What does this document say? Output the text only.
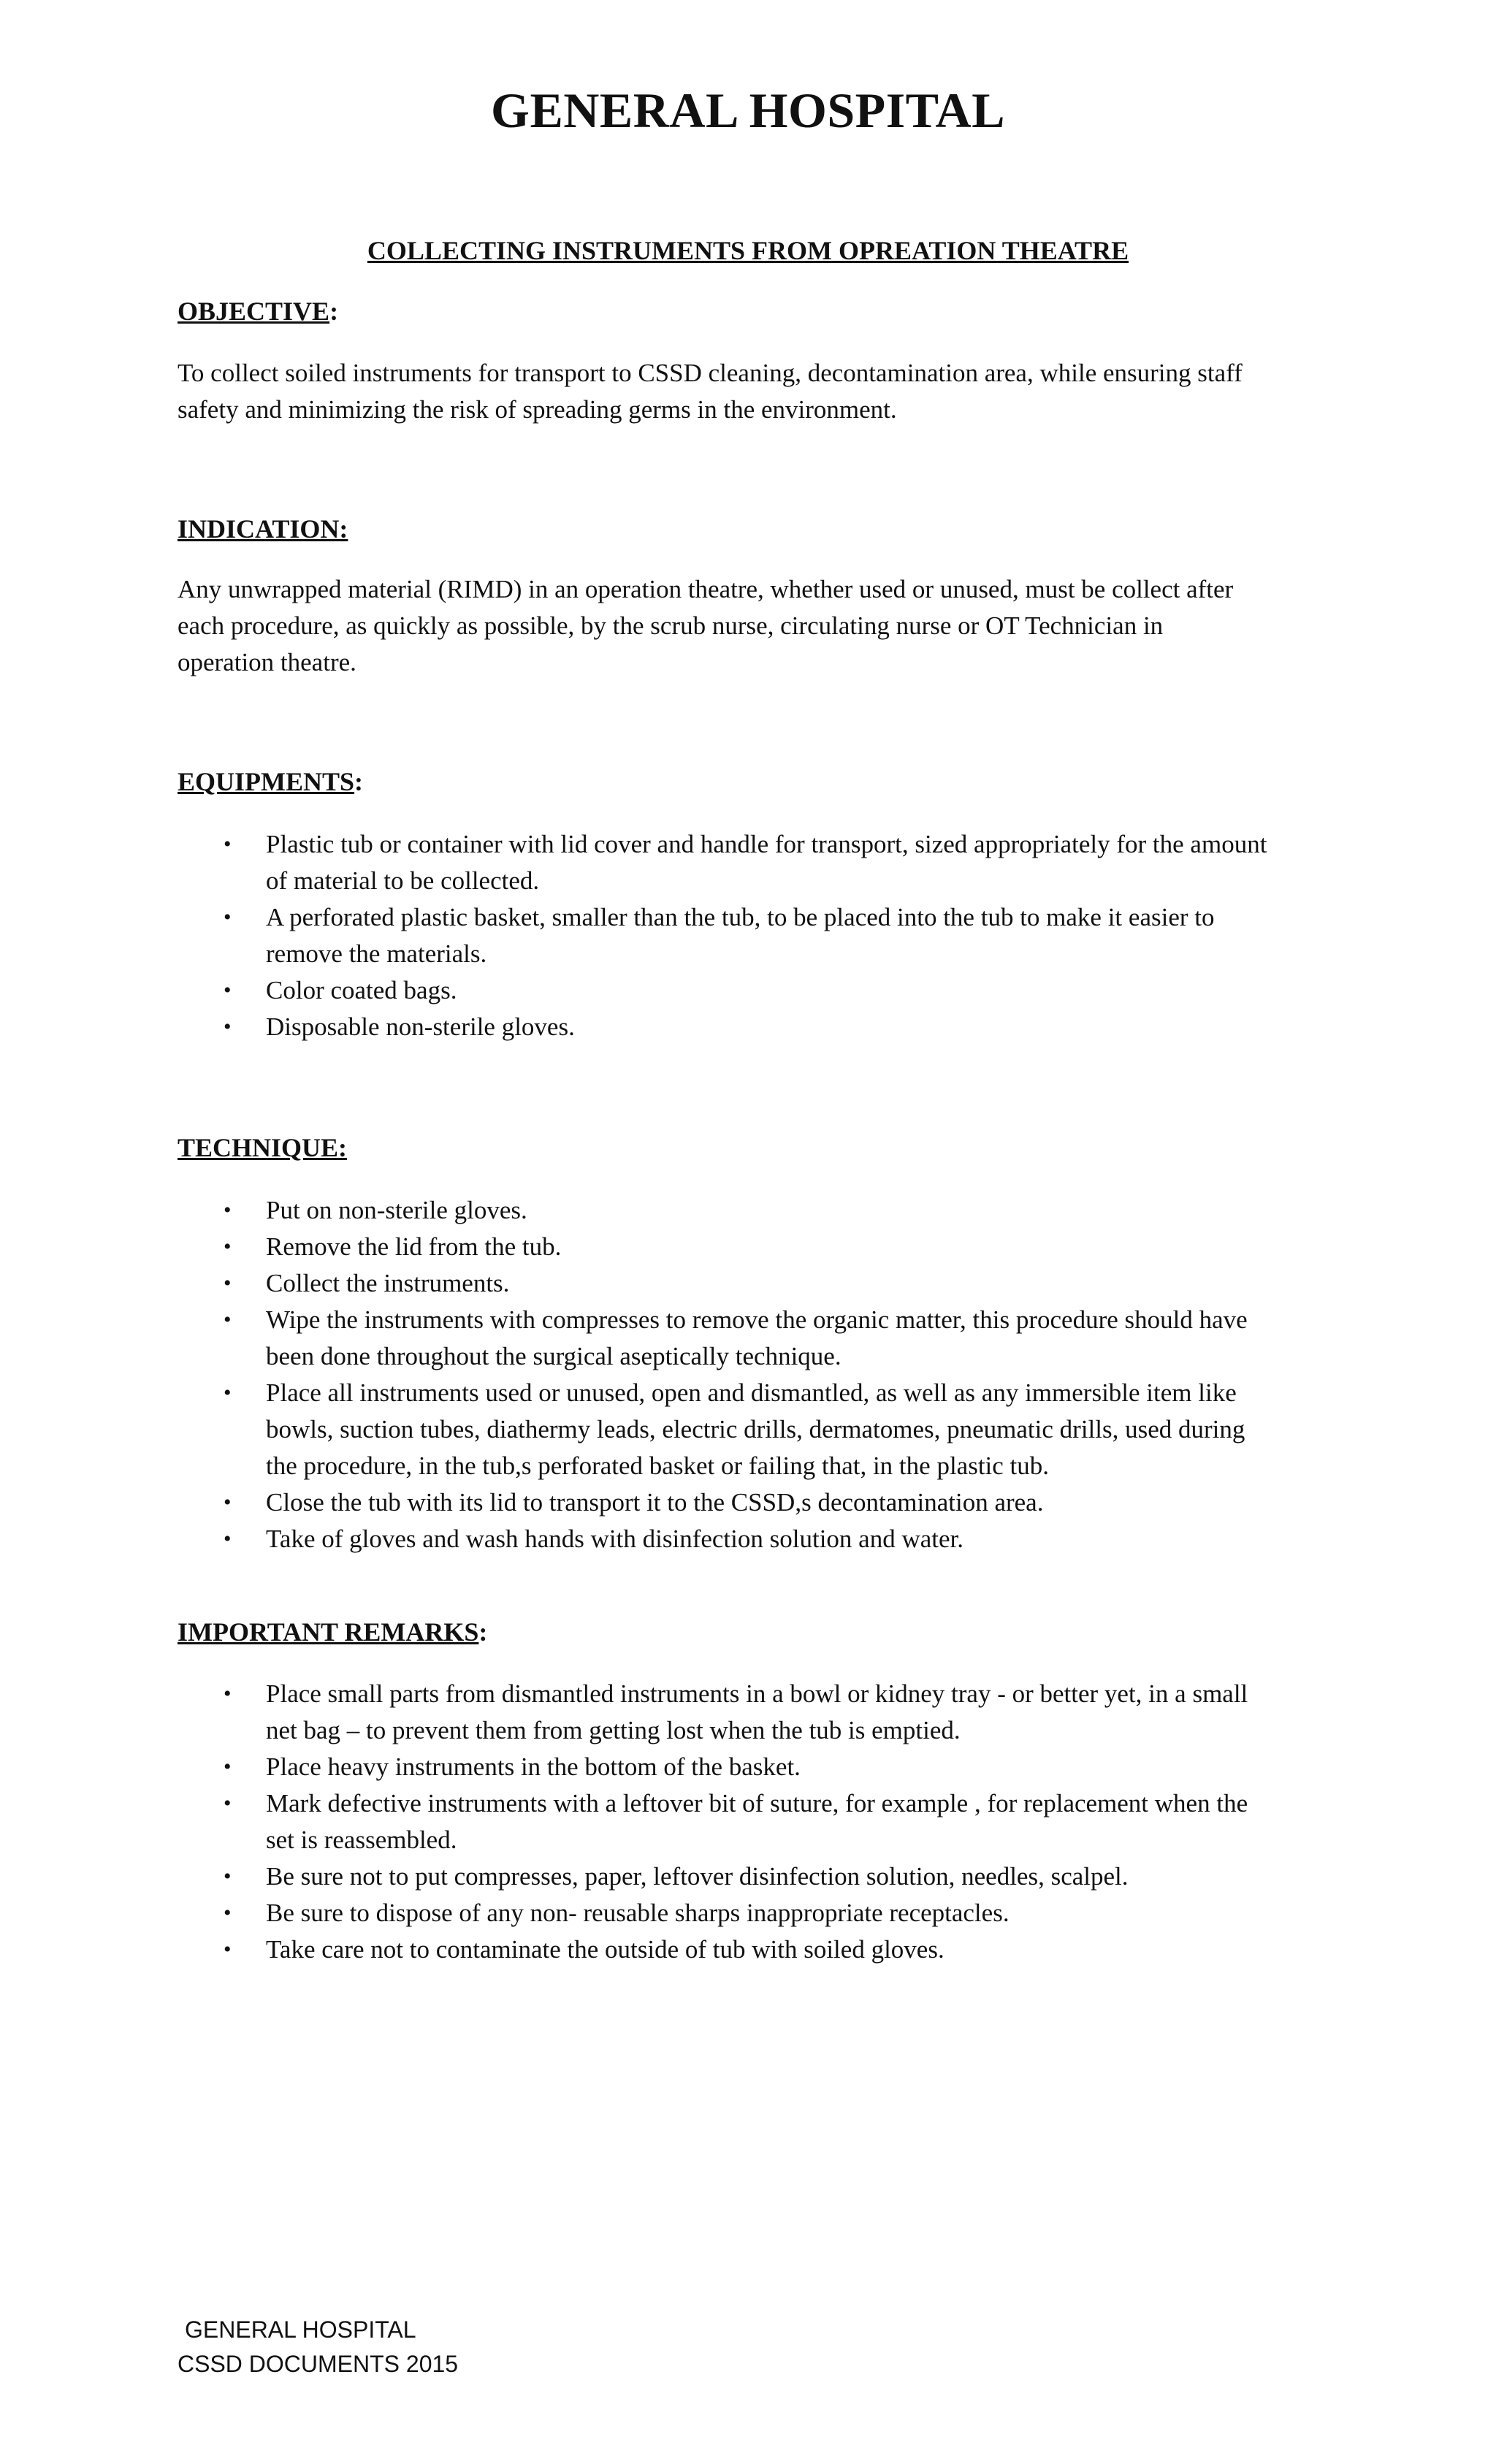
GENERAL HOSPITAL
COLLECTING INSTRUMENTS FROM OPREATION THEATRE
OBJECTIVE:

To collect soiled instruments for transport to CSSD cleaning, decontamination area, while ensuring staff

safety and minimizing the risk of spreading germs in the environment.

INDICATION:

Any unwrapped material (RIMD) in an operation theatre, whether used or unused, must be collect after

each procedure, as quickly as possible, by the scrub nurse, circulating nurse or OT Technician in

operation theatre.

EQUIPMENTS:
• Plastic tub or container with lid cover and handle for transport, sized appropriately for the amount
of material to be collected.
• A perforated plastic basket, smaller than the tub, to be placed into the tub to make it easier to
remove the materials.
• Color coated bags.
• Disposable non-sterile gloves.
TECHNIQUE:
• Put on non-sterile gloves.
• Remove the lid from the tub.
• Collect the instruments.
• Wipe the instruments with compresses to remove the organic matter, this procedure should have
been done throughout the surgical aseptically technique.
• Place all instruments used or unused, open and dismantled, as well as any immersible item like
bowls, suction tubes, diathermy leads, electric drills, dermatomes, pneumatic drills, used during
the procedure, in the tub,s perforated basket or failing that, in the plastic tub.
• Close the tub with its lid to transport it to the CSSD,s decontamination area.
• Take of gloves and wash hands with disinfection solution and water.
IMPORTANT REMARKS:
• Place small parts from dismantled instruments in a bowl or kidney tray - or better yet, in a small
net bag – to prevent them from getting lost when the tub is emptied.
• Place heavy instruments in the bottom of the basket.
• Mark defective instruments with a leftover bit of suture, for example , for replacement when the
set is reassembled.
• Be sure not to put compresses, paper, leftover disinfection solution, needles, scalpel.
• Be sure to dispose of any non- reusable sharps inappropriate receptacles.
• Take care not to contaminate the outside of tub with soiled gloves.
GENERAL HOSPITAL
CSSD DOCUMENTS 2015
